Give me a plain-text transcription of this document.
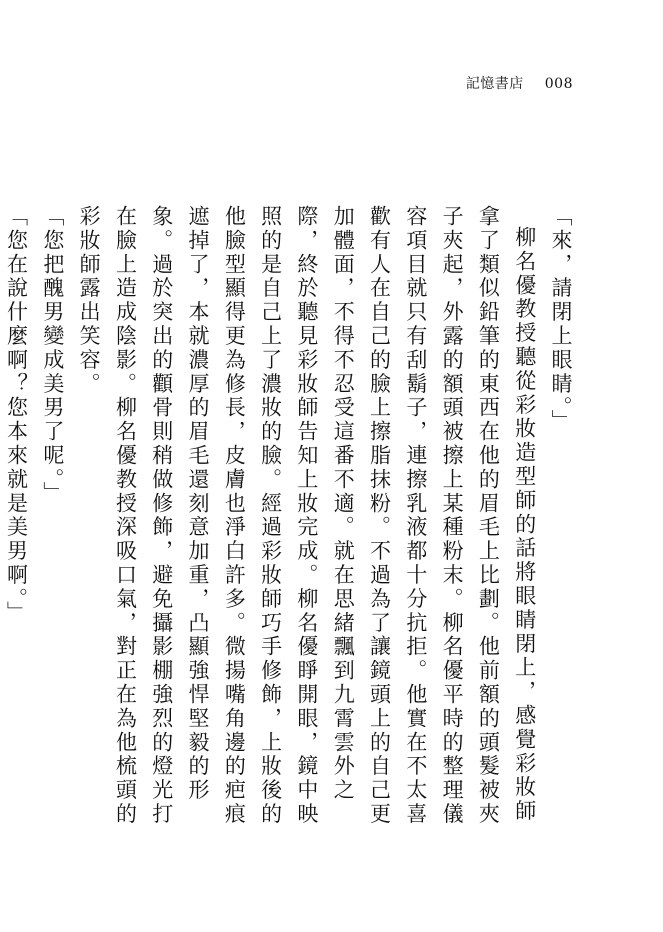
記憶書店 008

「來，請閉上眼睛。」

柳名優教授聽從彩妝造型師的話將眼睛閉上，感覺彩妝師拿了類似鉛筆的東西在他的眉毛上比劃。他前額的頭髮被夾子夾起，外露的額頭被擦上某種粉末。柳名優平時的整理儀容項目就只有刮鬍子，連擦乳液都十分抗拒。他實在不太喜歡有人在自己的臉上擦脂抹粉。不過為了讓鏡頭上的自己更加體面，不得不忍受這番不適。就在思緒飄到九霄雲外之際，終於聽見彩妝師告知上妝完成。柳名優睜開眼，鏡中映照的是自己上了濃妝的臉。經過彩妝師巧手修飾，上妝後的他臉型顯得更為修長，皮膚也淨白許多。微揚嘴角邊的疤痕遮掉了，本就濃厚的眉毛還刻意加重，凸顯強悍堅毅的形象。過於突出的顴骨則稍做修飾，避免攝影棚強烈的燈光打在臉上造成陰影。柳名優教授深吸口氣，對正在為他梳頭的彩妝師露出笑容。

「您把醜男變成美男了呢。」

「您在說什麼啊？您本來就是美男啊。」
